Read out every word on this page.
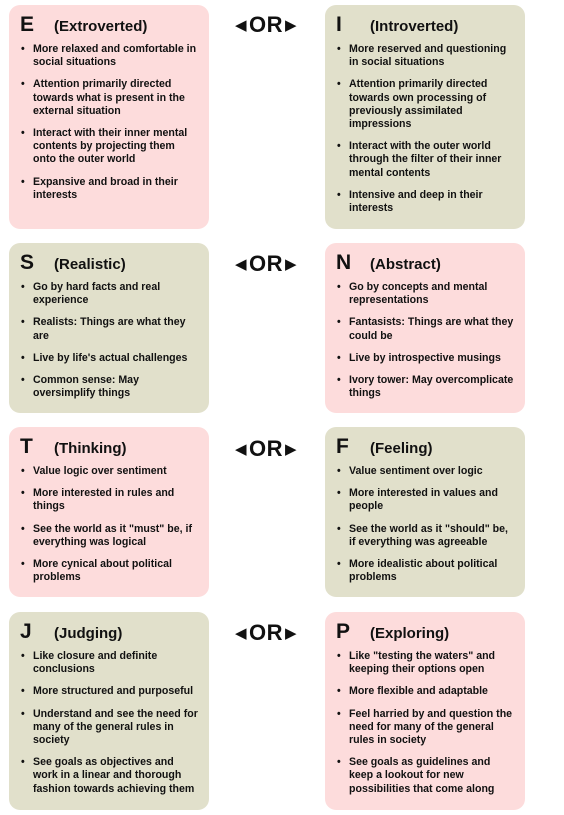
E	(Extroverted)
• More relaxed and comfortable in social situations
• Attention primarily directed towards what is present in the external situation
• Interact with their inner mental contents by projecting them onto the outer world
• Expansive and broad in their interests
◀ OR ▶ I	(Introverted)
• More reserved and questioning in social situations
• Attention primarily directed towards own processing of previously assimilated impressions
• Interact with the outer world through the filter of their inner mental contents
• Intensive and deep in their interests
S	(Realistic)
• Go by hard facts and real experience
• Realists: Things are what they are
• Live by life's actual challenges
• Common sense: May oversimplify things
◀ OR ▶ N	(Abstract)
• Go by concepts and mental representations
• Fantasists: Things are what they could be
• Live by introspective musings
• Ivory tower: May overcomplicate things
T	(Thinking)
• Value logic over sentiment
• More interested in rules and things
• See the world as it "must" be, if everything was logical
• More cynical about political problems
◀ OR ▶ F	(Feeling)
• Value sentiment over logic
• More interested in values and people
• See the world as it "should" be, if everything was agreeable
• More idealistic about political problems
J	(Judging)
• Like closure and definite conclusions
• More structured and purposeful
• Understand and see the need for many of the general rules in society
• See goals as objectives and work in a linear and thorough fashion towards achieving them
◀ OR ▶ P	(Exploring)
• Like "testing the waters" and keeping their options open
• More flexible and adaptable
• Feel harried by and question the need for many of the general rules in society
• See goals as guidelines and keep a lookout for new possibilities that come along
